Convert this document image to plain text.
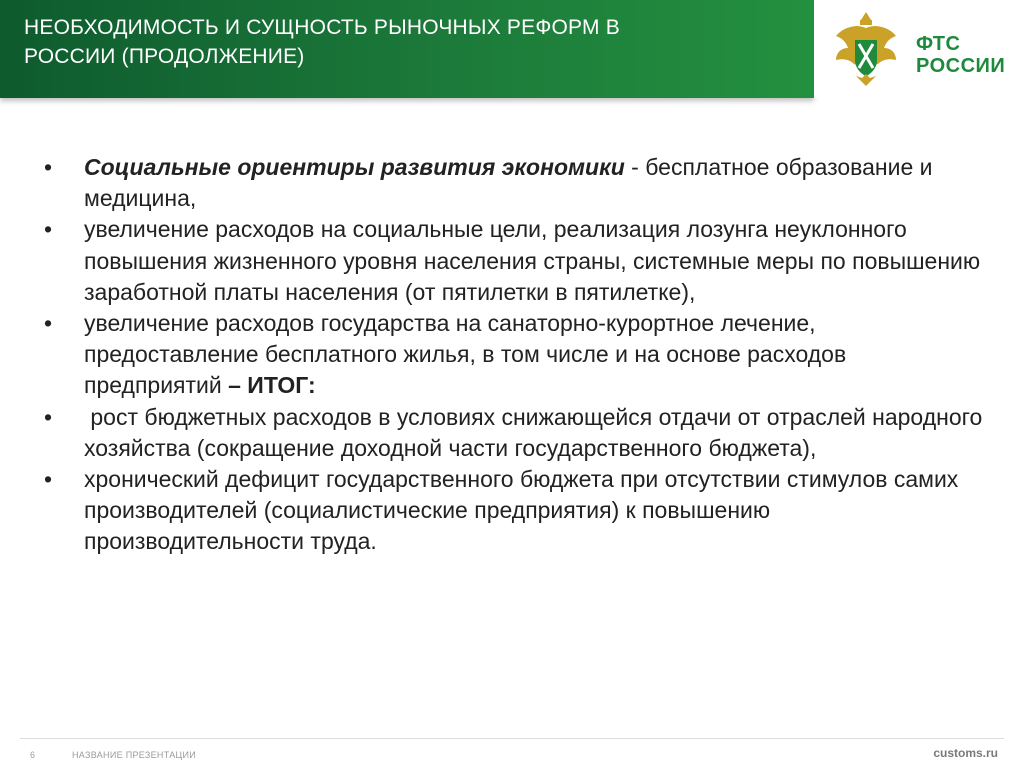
НЕОБХОДИМОСТЬ И СУЩНОСТЬ РЫНОЧНЫХ РЕФОРМ В
РОССИИ (ПРОДОЛЖЕНИЕ)
ФТС
РОССИИ
•	Социальные ориентиры развития экономики - бесплатное образование и медицина,
•	увеличение расходов на социальные цели, реализация лозунга неуклонного повышения жизненного уровня населения страны, системные меры по повышению заработной платы населения (от пятилетки в пятилетке),
•	увеличение расходов государства на санаторно-курортное лечение, предоставление бесплатного жилья, в том числе и на основе расходов предприятий – ИТОГ:
•	рост бюджетных расходов в условиях снижающейся отдачи от отраслей народного хозяйства (сокращение доходной части государственного бюджета),
•	хронический дефицит государственного бюджета при отсутствии стимулов самих производителей (социалистические предприятия) к повышению производительности труда.
6	НАЗВАНИЕ ПРЕЗЕНТАЦИИ	customs.ru
